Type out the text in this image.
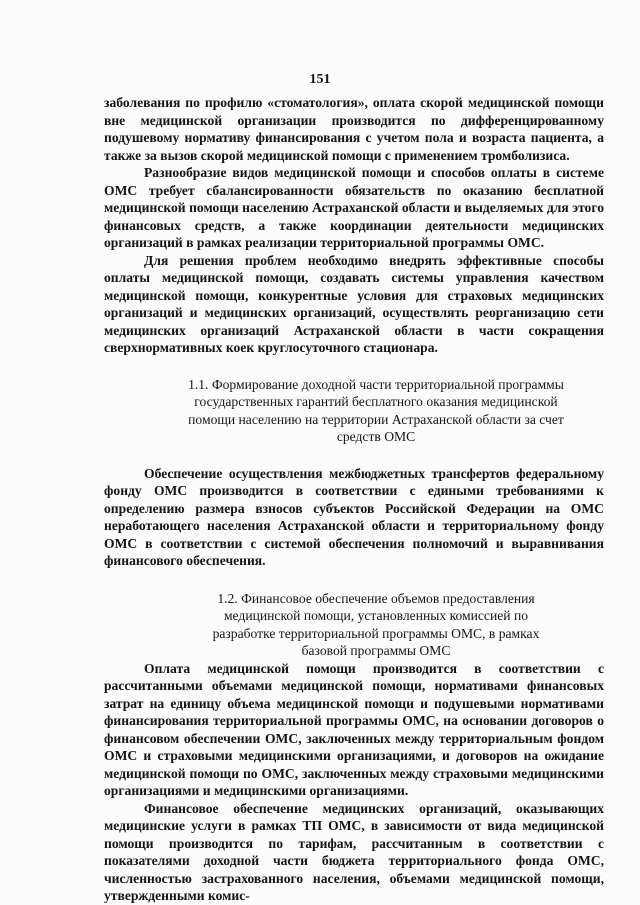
151

заболевания по профилю «стоматология», оплата скорой медицинской помощи вне медицинской организации производится по дифференцированному подушевому нормативу финансирования с учетом пола и возраста пациента, а также за вызов скорой медицинской помощи с применением тромболизиса.

Разнообразие видов медицинской помощи и способов оплаты в системе ОМС требует сбалансированности обязательств по оказанию бесплатной медицинской помощи населению Астраханской области и выделяемых для этого финансовых средств, а также координации деятельности медицинских организаций в рамках реализации территориальной программы ОМС.

Для решения проблем необходимо внедрять эффективные способы оплаты медицинской помощи, создавать системы управления качеством медицинской помощи, конкурентные условия для страховых медицинских организаций и медицинских организаций, осуществлять реорганизацию сети медицинских организаций Астраханской области в части сокращения сверхнормативных коек круглосуточного стационара.

1.1. Формирование доходной части территориальной программы
государственных гарантий бесплатного оказания медицинской
помощи населению на территории Астраханской области за счет
средств ОМС

Обеспечение осуществления межбюджетных трансфертов федеральному фонду ОМС производится в соответствии с едиными требованиями к определению размера взносов субъектов Российской Федерации на ОМС неработающего населения Астраханской области и территориальному фонду ОМС в соответствии с системой обеспечения полномочий и выравнивания финансового обеспечения.

1.2. Финансовое обеспечение объемов предоставления
медицинской помощи, установленных комиссией по
разработке территориальной программы ОМС, в рамках
базовой программы ОМС

Оплата медицинской помощи производится в соответствии с рассчитанными объемами медицинской помощи, нормативами финансовых затрат на единицу объема медицинской помощи и подушевыми нормативами финансирования территориальной программы ОМС, на основании договоров о финансовом обеспечении ОМС, заключенных между территориальным фондом ОМС и страховыми медицинскими организациями, и договоров на ожидание медицинской помощи по ОМС, заключенных между страховыми медицинскими организациями и медицинскими организациями.

Финансовое обеспечение медицинских организаций, оказывающих медицинские услуги в рамках ТП ОМС, в зависимости от вида медицинской помощи производится по тарифам, рассчитанным в соответствии с показателями доходной части бюджета территориального фонда ОМС, численностью застрахованного населения, объемами медицинской помощи, утвержденными комис-
